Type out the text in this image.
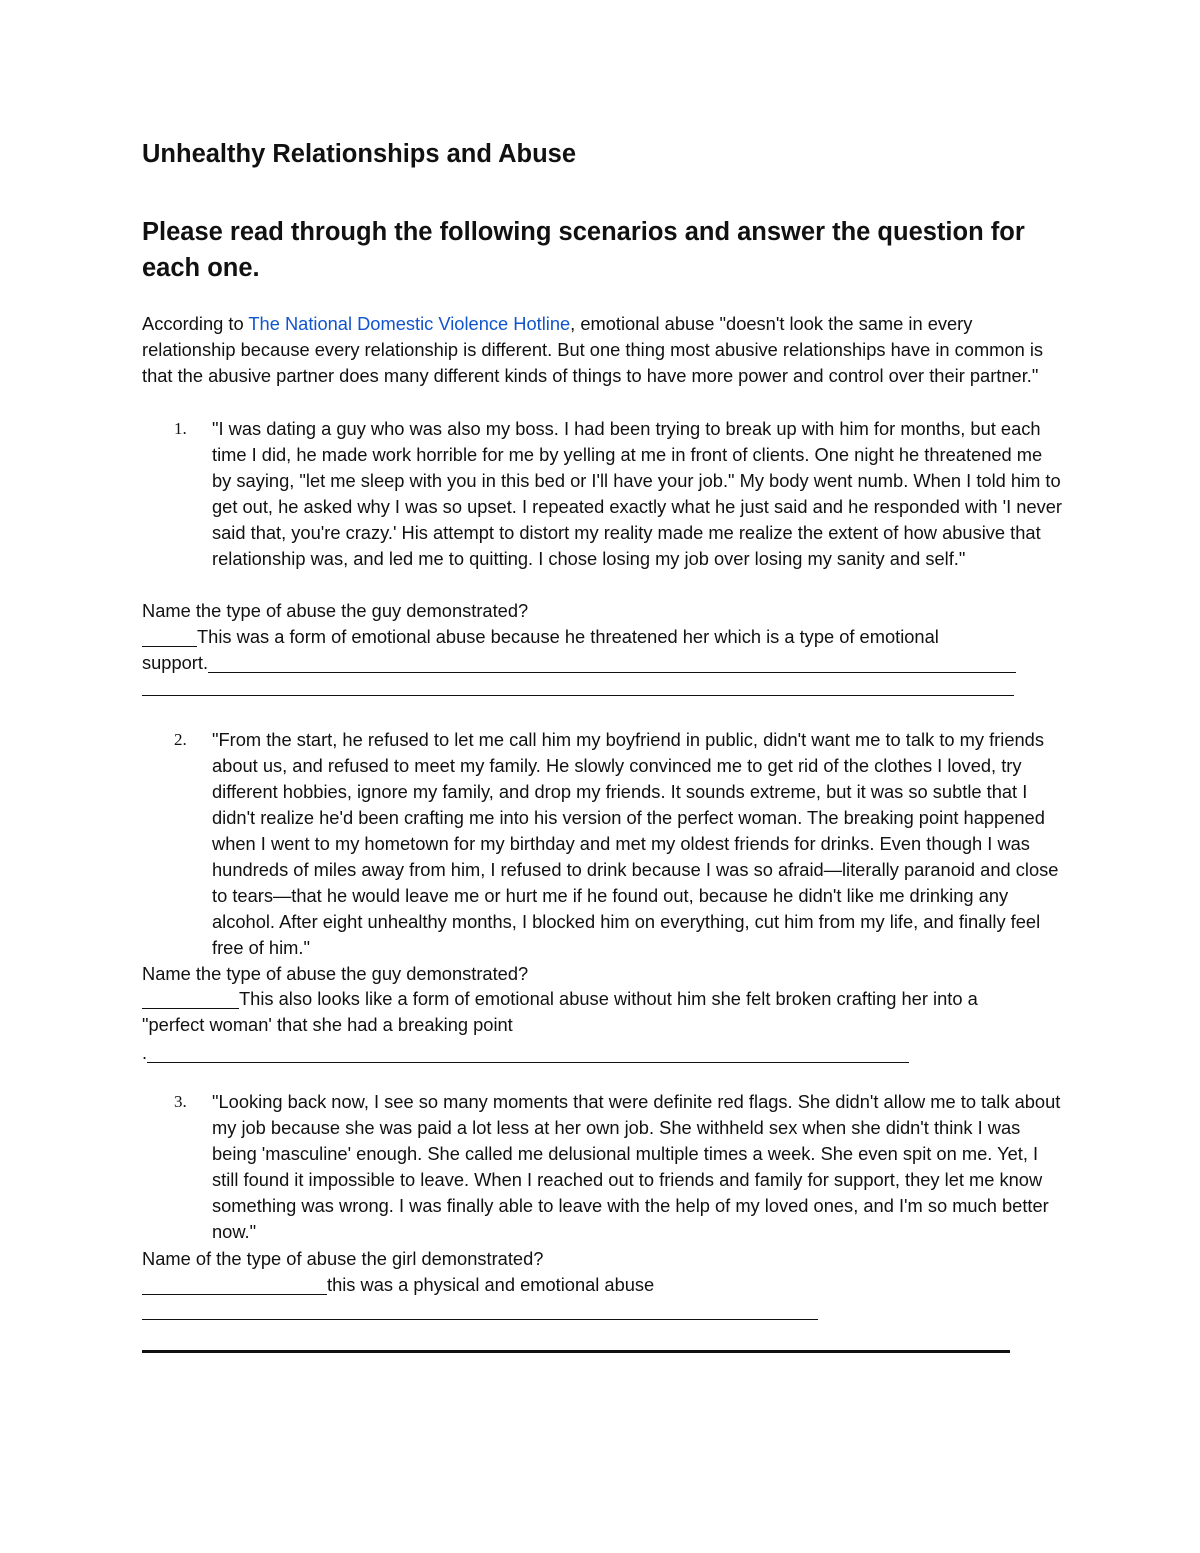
Unhealthy Relationships and Abuse
Please read through the following scenarios and answer the question for each one.
According to The National Domestic Violence Hotline, emotional abuse "doesn't look the same in every relationship because every relationship is different. But one thing most abusive relationships have in common is that the abusive partner does many different kinds of things to have more power and control over their partner."
1. "I was dating a guy who was also my boss. I had been trying to break up with him for months, but each time I did, he made work horrible for me by yelling at me in front of clients. One night he threatened me by saying, "let me sleep with you in this bed or I'll have your job." My body went numb. When I told him to get out, he asked why I was so upset. I repeated exactly what he just said and he responded with 'I never said that, you're crazy.' His attempt to distort my reality made me realize the extent of how abusive that relationship was, and led me to quitting. I chose losing my job over losing my sanity and self."
Name the type of abuse the guy demonstrated?
This was a form of emotional abuse because he threatened her which is a type of emotional
support.
2. "From the start, he refused to let me call him my boyfriend in public, didn't want me to talk to my friends about us, and refused to meet my family. He slowly convinced me to get rid of the clothes I loved, try different hobbies, ignore my family, and drop my friends. It sounds extreme, but it was so subtle that I didn't realize he'd been crafting me into his version of the perfect woman. The breaking point happened when I went to my hometown for my birthday and met my oldest friends for drinks. Even though I was hundreds of miles away from him, I refused to drink because I was so afraid—literally paranoid and close to tears—that he would leave me or hurt me if he found out, because he didn't like me drinking any alcohol. After eight unhealthy months, I blocked him on everything, cut him from my life, and finally feel free of him."
Name the type of abuse the guy demonstrated?
This also looks like a form of emotional abuse without him she felt broken crafting her into a
"perfect woman' that she had a breaking point
.
3. "Looking back now, I see so many moments that were definite red flags. She didn't allow me to talk about my job because she was paid a lot less at her own job. She withheld sex when she didn't think I was being 'masculine' enough. She called me delusional multiple times a week. She even spit on me. Yet, I still found it impossible to leave. When I reached out to friends and family for support, they let me know something was wrong. I was finally able to leave with the help of my loved ones, and I'm so much better now."
Name of the type of abuse the girl demonstrated?
this was a physical and emotional abuse
